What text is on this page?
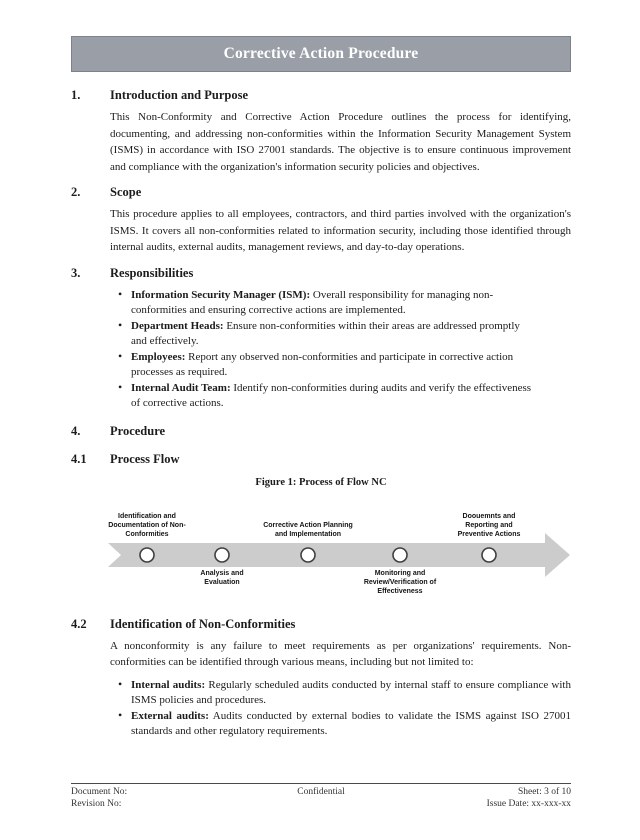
Corrective Action Procedure
1.	Introduction and Purpose

This Non-Conformity and Corrective Action Procedure outlines the process for identifying, documenting, and addressing non-conformities within the Information Security Management System (ISMS) in accordance with ISO 27001 standards. The objective is to ensure continuous improvement and compliance with the organization's information security policies and objectives.

2.	Scope

This procedure applies to all employees, contractors, and third parties involved with the organization's ISMS. It covers all non-conformities related to information security, including those identified through internal audits, external audits, management reviews, and day-to-day operations.

3.	Responsibilities
• Information Security Manager (ISM): Overall responsibility for managing non-conformities and ensuring corrective actions are implemented.
• Department Heads: Ensure non-conformities within their areas are addressed promptly and effectively.
• Employees: Report any observed non-conformities and participate in corrective action processes as required.
• Internal Audit Team: Identify non-conformities during audits and verify the effectiveness of corrective actions.
4.	Procedure
4.1	Process Flow
Figure 1: Process of Flow NC
Identification and Documentation of Non-Conformities
Analysis and Evaluation
Corrective Action Planning and Implementation
Monitoring and Review/Verification of Effectiveness
Doouemnts and Reporting and Preventive Actions
4.2	Identification of Non-Conformities

A nonconformity is any failure to meet requirements as per organizations' requirements. Non-conformities can be identified through various means, including but not limited to:

• Internal audits: Regularly scheduled audits conducted by internal staff to ensure compliance with ISMS policies and procedures.
• External audits: Audits conducted by external bodies to validate the ISMS against ISO 27001 standards and other regulatory requirements.
Document No:	Confidential	Sheet: 3 of 10
Revision No:	Issue Date: xx-xxx-xx
